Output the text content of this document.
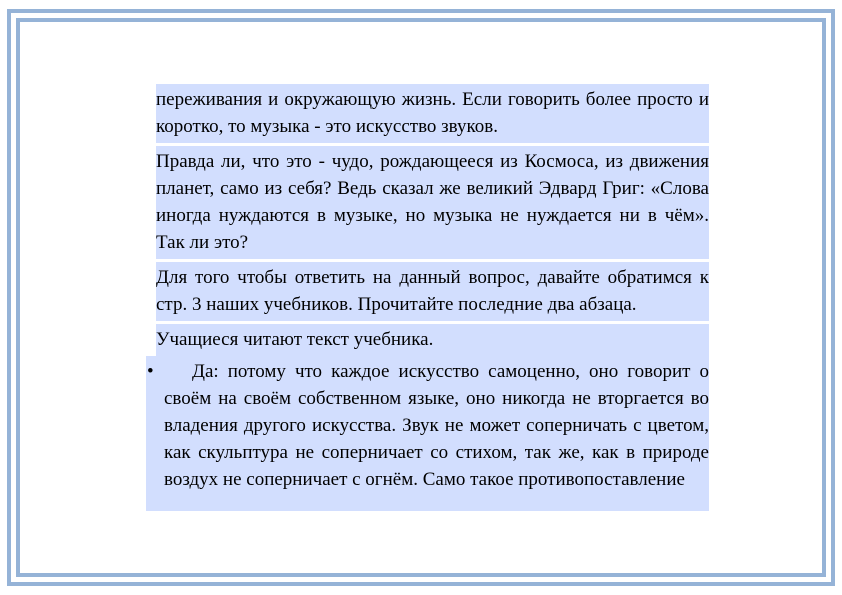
переживания и окружающую жизнь. Если говорить более просто и коротко, то музыка - это искусство звуков.
Правда ли, что это - чудо, рождающееся из Космоса, из движения планет, само из себя? Ведь сказал же великий Эдвард Григ: «Слова иногда нуждаются в музыке, но музыка не нуждается ни в чём». Так ли это?
Для того чтобы ответить на данный вопрос, давайте обратимся к стр. 3 наших учебников. Прочитайте последние два абзаца.
Учащиеся читают текст учебника.
•	Да: потому что каждое искусство самоценно, оно говорит о своём на своём собственном языке, оно никогда не вторгается во владения другого искусства. Звук не может соперничать с цветом, как скульптура не соперничает со стихом, так же, как в природе воздух не соперничает с огнём. Само такое противопоставление
